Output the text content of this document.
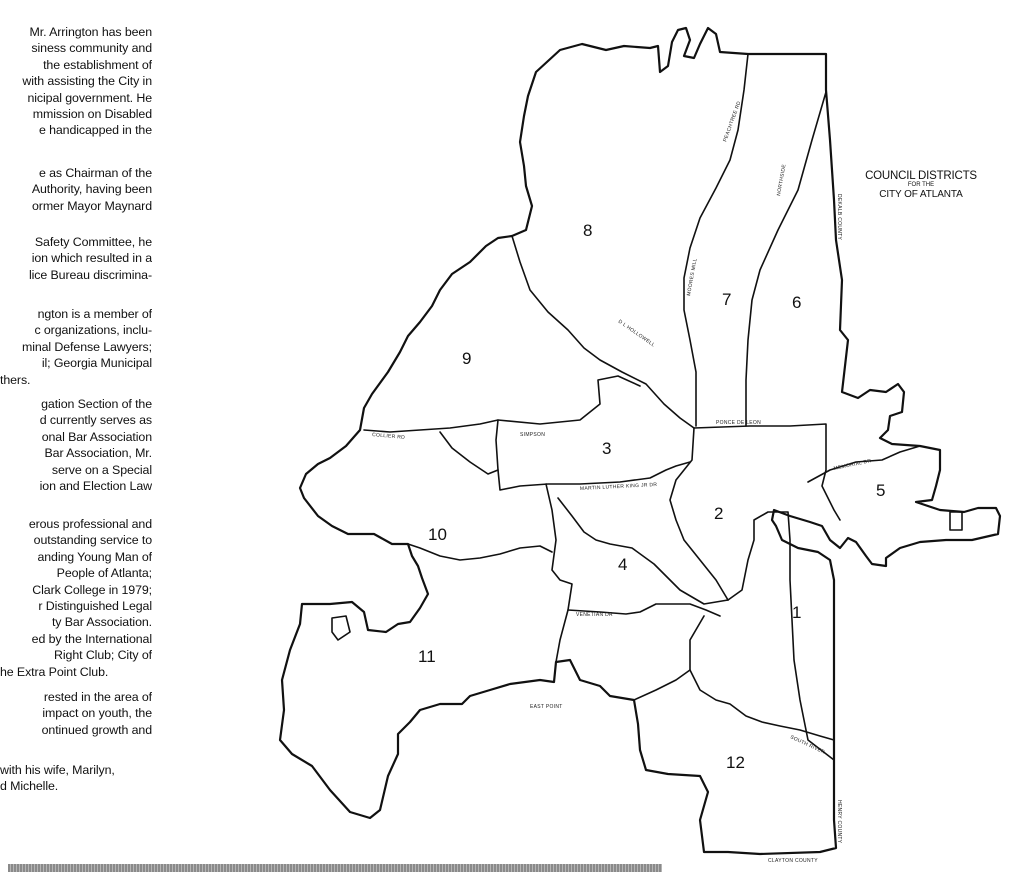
Mr. Arrington has been
siness community and
the establishment of
with assisting the City in
nicipal government. He
mmission on Disabled
e handicapped in the
e as Chairman of the
Authority, having been
ormer Mayor Maynard
Safety Committee, he
ion which resulted in a
lice Bureau discrimina-
ngton is a member of
c organizations, inclu-
minal Defense Lawyers;
il; Georgia Municipal
thers.
gation Section of the
d currently serves as
onal Bar Association
Bar Association, Mr.
serve on a Special
ion and Election Law
erous professional and
outstanding service to
anding Young Man of
People of Atlanta;
Clark College in 1979;
r Distinguished Legal
ty Bar Association.
ed by the International
Right Club; City of
he Extra Point Club.
rested in the area of
impact on youth, the
ontinued growth and
with his wife, Marilyn,
d Michelle.
8
7	6
9
3
5
2
10
4
1
11
12
PEACHTREE RD
NORTHSIDE
MOORES MILL
COLLIER RD
MARTIN LUTHER KING JR DR
SIMPSON
D L HOLLOWELL
VENETIAN DR
EAST POINT
SOUTH RIVER
DEKALB COUNTY
CLAYTON COUNTY
HENRY COUNTY
PONCE DE LEON
MEMORIAL DR
COUNCIL DISTRICTS
FOR THE
CITY OF ATLANTA
